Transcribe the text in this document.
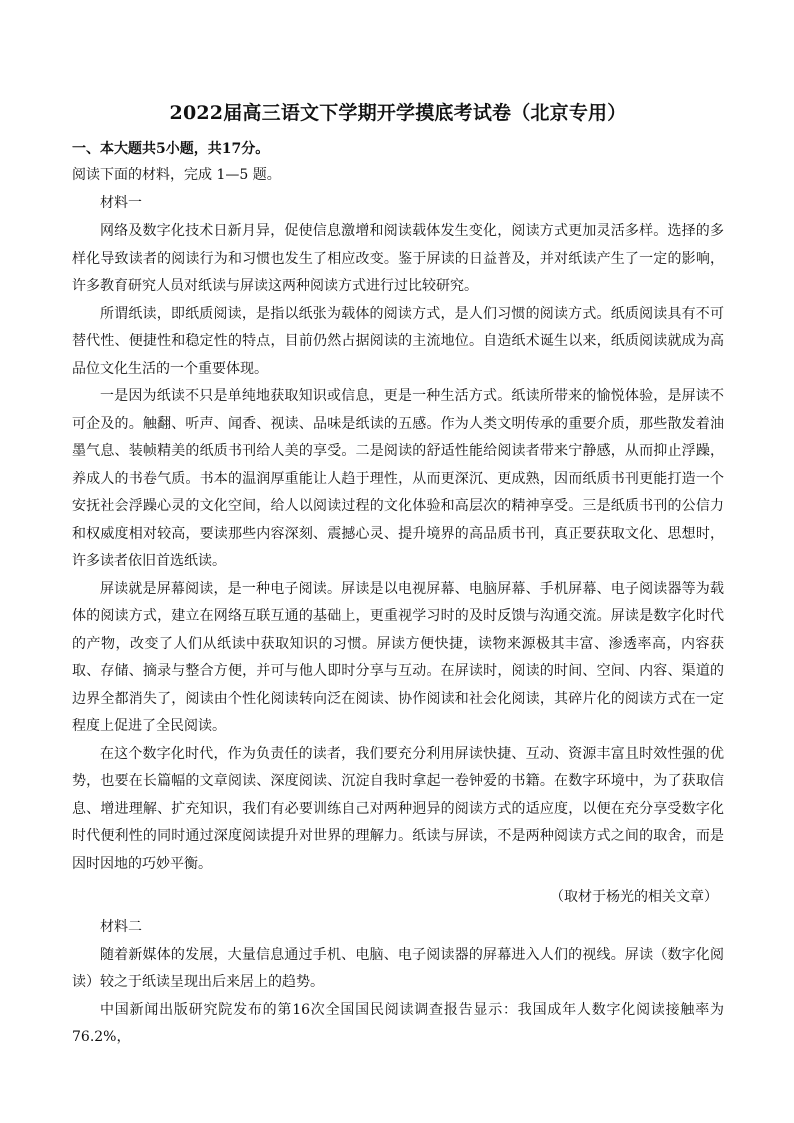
2022届高三语文下学期开学摸底考试卷（北京专用）
一、本大题共5小题，共17分。
阅读下面的材料，完成 1—5 题。
材料一

网络及数字化技术日新月异，促使信息激增和阅读载体发生变化，阅读方式更加灵活多样。选择的多样化导致读者的阅读行为和习惯也发生了相应改变。鉴于屏读的日益普及，并对纸读产生了一定的影响，许多教育研究人员对纸读与屏读这两种阅读方式进行过比较研究。

所谓纸读，即纸质阅读，是指以纸张为载体的阅读方式，是人们习惯的阅读方式。纸质阅读具有不可替代性、便捷性和稳定性的特点，目前仍然占据阅读的主流地位。自造纸术诞生以来，纸质阅读就成为高品位文化生活的一个重要体现。

一是因为纸读不只是单纯地获取知识或信息，更是一种生活方式。纸读所带来的愉悦体验，是屏读不可企及的。触翻、听声、闻香、视读、品味是纸读的五感。作为人类文明传承的重要介质，那些散发着油墨气息、装帧精美的纸质书刊给人美的享受。二是阅读的舒适性能给阅读者带来宁静感，从而抑止浮躁，养成人的书卷气质。书本的温润厚重能让人趋于理性，从而更深沉、更成熟，因而纸质书刊更能打造一个安抚社会浮躁心灵的文化空间，给人以阅读过程的文化体验和高层次的精神享受。三是纸质书刊的公信力和权威度相对较高，要读那些内容深刻、震撼心灵、提升境界的高品质书刊，真正要获取文化、思想时，许多读者依旧首选纸读。

屏读就是屏幕阅读，是一种电子阅读。屏读是以电视屏幕、电脑屏幕、手机屏幕、电子阅读器等为载体的阅读方式，建立在网络互联互通的基础上，更重视学习时的及时反馈与沟通交流。屏读是数字化时代的产物，改变了人们从纸读中获取知识的习惯。屏读方便快捷，读物来源极其丰富、渗透率高，内容获取、存储、摘录与整合方便，并可与他人即时分享与互动。在屏读时，阅读的时间、空间、内容、渠道的边界全都消失了，阅读由个性化阅读转向泛在阅读、协作阅读和社会化阅读，其碎片化的阅读方式在一定程度上促进了全民阅读。

在这个数字化时代，作为负责任的读者，我们要充分利用屏读快捷、互动、资源丰富且时效性强的优势，也要在长篇幅的文章阅读、深度阅读、沉淀自我时拿起一卷钟爱的书籍。在数字环境中，为了获取信息、增进理解、扩充知识，我们有必要训练自己对两种迥异的阅读方式的适应度，以便在充分享受数字化时代便利性的同时通过深度阅读提升对世界的理解力。纸读与屏读，不是两种阅读方式之间的取舍，而是因时因地的巧妙平衡。

（取材于杨光的相关文章）
材料二

随着新媒体的发展，大量信息通过手机、电脑、电子阅读器的屏幕进入人们的视线。屏读（数字化阅读）较之于纸读呈现出后来居上的趋势。

中国新闻出版研究院发布的第16次全国国民阅读调查报告显示：我国成年人数字化阅读接触率为76.2%，
